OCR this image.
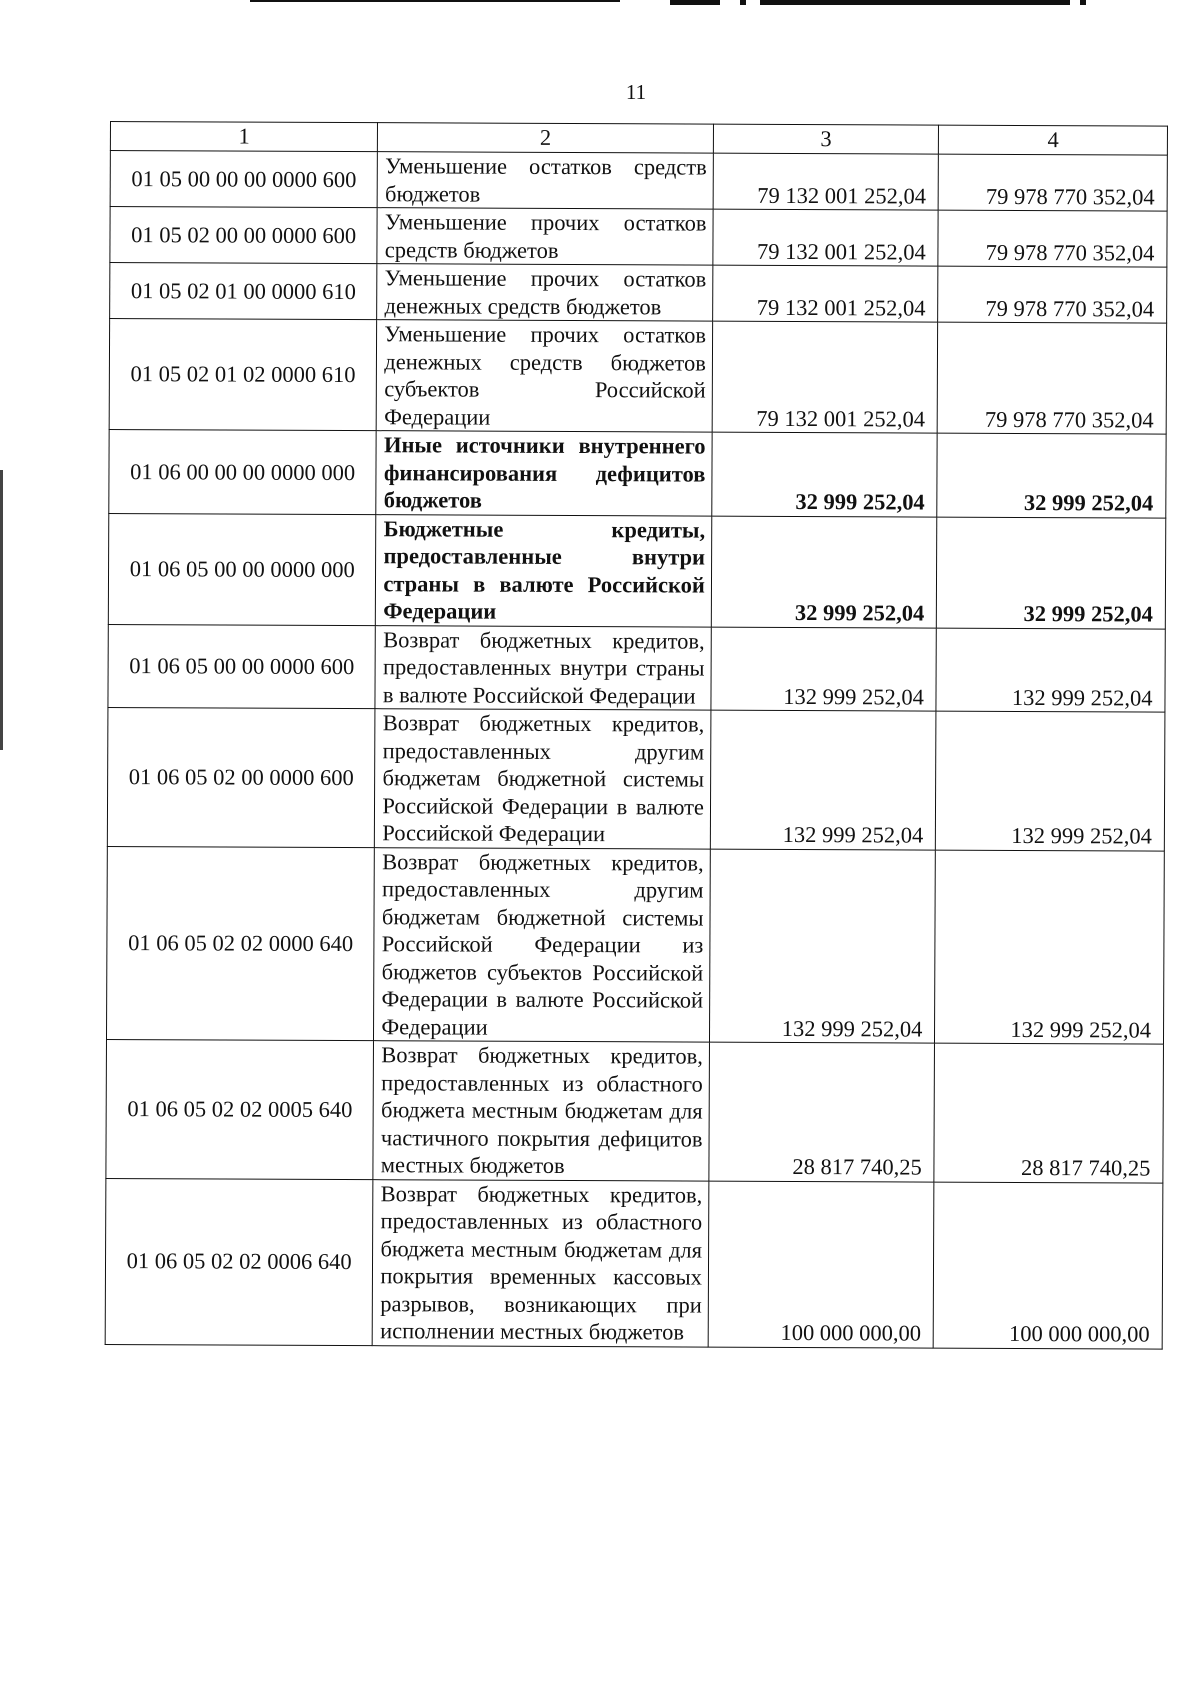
11
1	2	3	4
01 05 00 00 00 0000 600	Уменьшение остатков средств бюджетов	79 132 001 252,04	79 978 770 352,04
01 05 02 00 00 0000 600	Уменьшение прочих остатков средств бюджетов	79 132 001 252,04	79 978 770 352,04
01 05 02 01 00 0000 610	Уменьшение прочих остатков денежных средств бюджетов	79 132 001 252,04	79 978 770 352,04
01 05 02 01 02 0000 610	Уменьшение прочих остатков денежных средств бюджетов субъектов Российской Федерации	79 132 001 252,04	79 978 770 352,04
01 06 00 00 00 0000 000	Иные источники внутреннего финансирования дефицитов бюджетов	32 999 252,04	32 999 252,04
01 06 05 00 00 0000 000	Бюджетные кредиты, предоставленные внутри страны в валюте Российской Федерации	32 999 252,04	32 999 252,04
01 06 05 00 00 0000 600	Возврат бюджетных кредитов, предоставленных внутри страны в валюте Российской Федерации	132 999 252,04	132 999 252,04
01 06 05 02 00 0000 600	Возврат бюджетных кредитов, предоставленных другим бюджетам бюджетной системы Российской Федерации в валюте Российской Федерации	132 999 252,04	132 999 252,04
01 06 05 02 02 0000 640	Возврат бюджетных кредитов, предоставленных другим бюджетам бюджетной системы Российской Федерации из бюджетов субъектов Российской Федерации в валюте Российской Федерации	132 999 252,04	132 999 252,04
01 06 05 02 02 0005 640	Возврат бюджетных кредитов, предоставленных из областного бюджета местным бюджетам для частичного покрытия дефицитов местных бюджетов	28 817 740,25	28 817 740,25
01 06 05 02 02 0006 640	Возврат бюджетных кредитов, предоставленных из областного бюджета местным бюджетам для покрытия временных кассовых разрывов, возникающих при исполнении местных бюджетов	100 000 000,00	100 000 000,00
